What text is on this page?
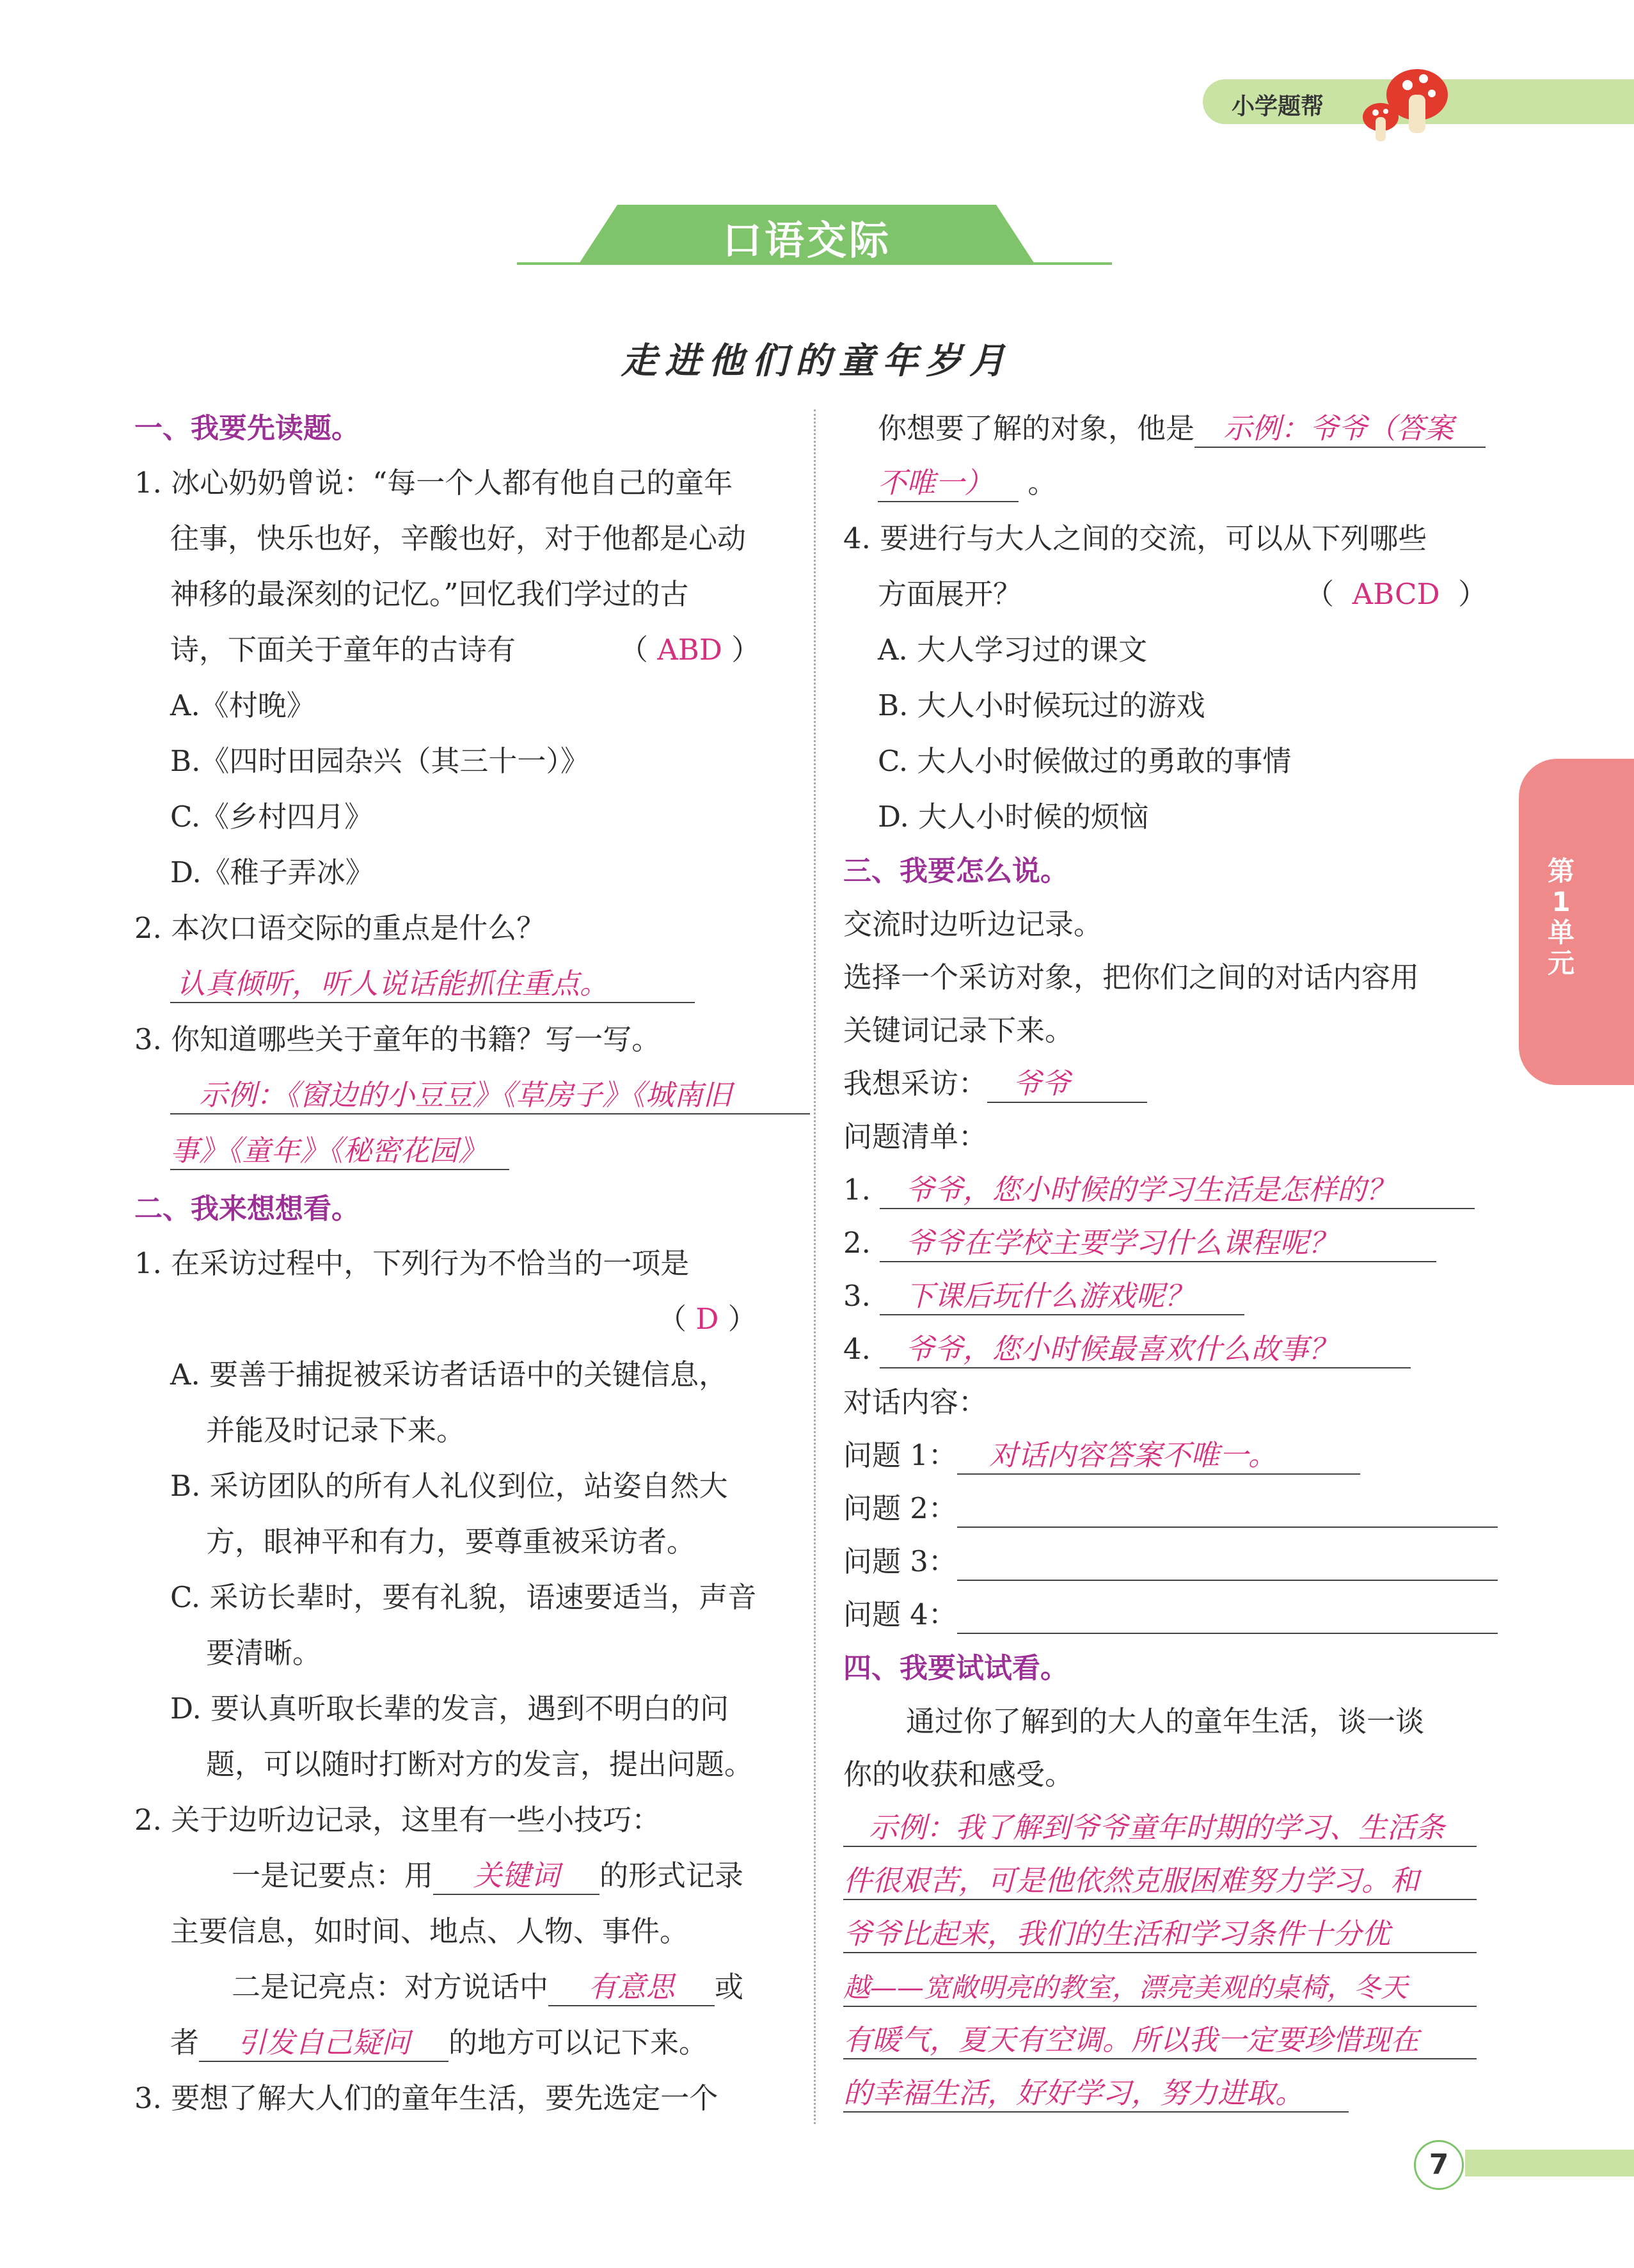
小学题帮
口语交际
走进他们的童年岁月
一、我要先读题。
1. 冰心奶奶曾说：“每一个人都有他自己的童年
往事，快乐也好，辛酸也好，对于他都是心动
神移的最深刻的记忆。”回忆我们学过的古
诗，下面关于童年的古诗有	（ ABD ）
A.《村晚》
B.《四时田园杂兴（其三十一）》
C.《乡村四月》
D.《稚子弄冰》
2. 本次口语交际的重点是什么？
认真倾听，听人说话能抓住重点。
3. 你知道哪些关于童年的书籍？写一写。
示例：《窗边的小豆豆》《草房子》《城南旧
事》《童年》《秘密花园》
二、我来想想看。
1. 在采访过程中，下列行为不恰当的一项是
（ D ）
A. 要善于捕捉被采访者话语中的关键信息，
并能及时记录下来。
B. 采访团队的所有人礼仪到位，站姿自然大
方，眼神平和有力，要尊重被采访者。
C. 采访长辈时，要有礼貌，语速要适当，声音
要清晰。
D. 要认真听取长辈的发言，遇到不明白的问
题，可以随时打断对方的发言，提出问题。
2. 关于边听边记录，这里有一些小技巧：
一是记要点：用 关键词 的形式记录
主要信息，如时间、地点、人物、事件。
二是记亮点：对方说话中 有意思 或
者 引发自己疑问 的地方可以记下来。
3. 要想了解大人们的童年生活，要先选定一个
你想要了解的对象，他是 示例：爷爷（答案
不唯一） 。
4. 要进行与大人之间的交流，可以从下列哪些
方面展开？	（  ABCD  ）
A. 大人学习过的课文
B. 大人小时候玩过的游戏
C. 大人小时候做过的勇敢的事情
D. 大人小时候的烦恼
三、我要怎么说。
交流时边听边记录。
选择一个采访对象，把你们之间的对话内容用
关键词记录下来。
我想采访： 爷爷
问题清单：
1. 爷爷，您小时候的学习生活是怎样的？
2. 爷爷在学校主要学习什么课程呢？
3. 下课后玩什么游戏呢？
4. 爷爷，您小时候最喜欢什么故事？
对话内容：
问题 1： 对话内容答案不唯一。
问题 2：
问题 3：
问题 4：
四、我要试试看。
通过你了解到的大人的童年生活，谈一谈
你的收获和感受。
示例：我了解到爷爷童年时期的学习、生活条
件很艰苦，可是他依然克服困难努力学习。和
爷爷比起来，我们的生活和学习条件十分优
越——宽敞明亮的教室，漂亮美观的桌椅，冬天
有暖气，夏天有空调。所以我一定要珍惜现在
的幸福生活，好好学习，努力进取。
第
1
单
元
7
